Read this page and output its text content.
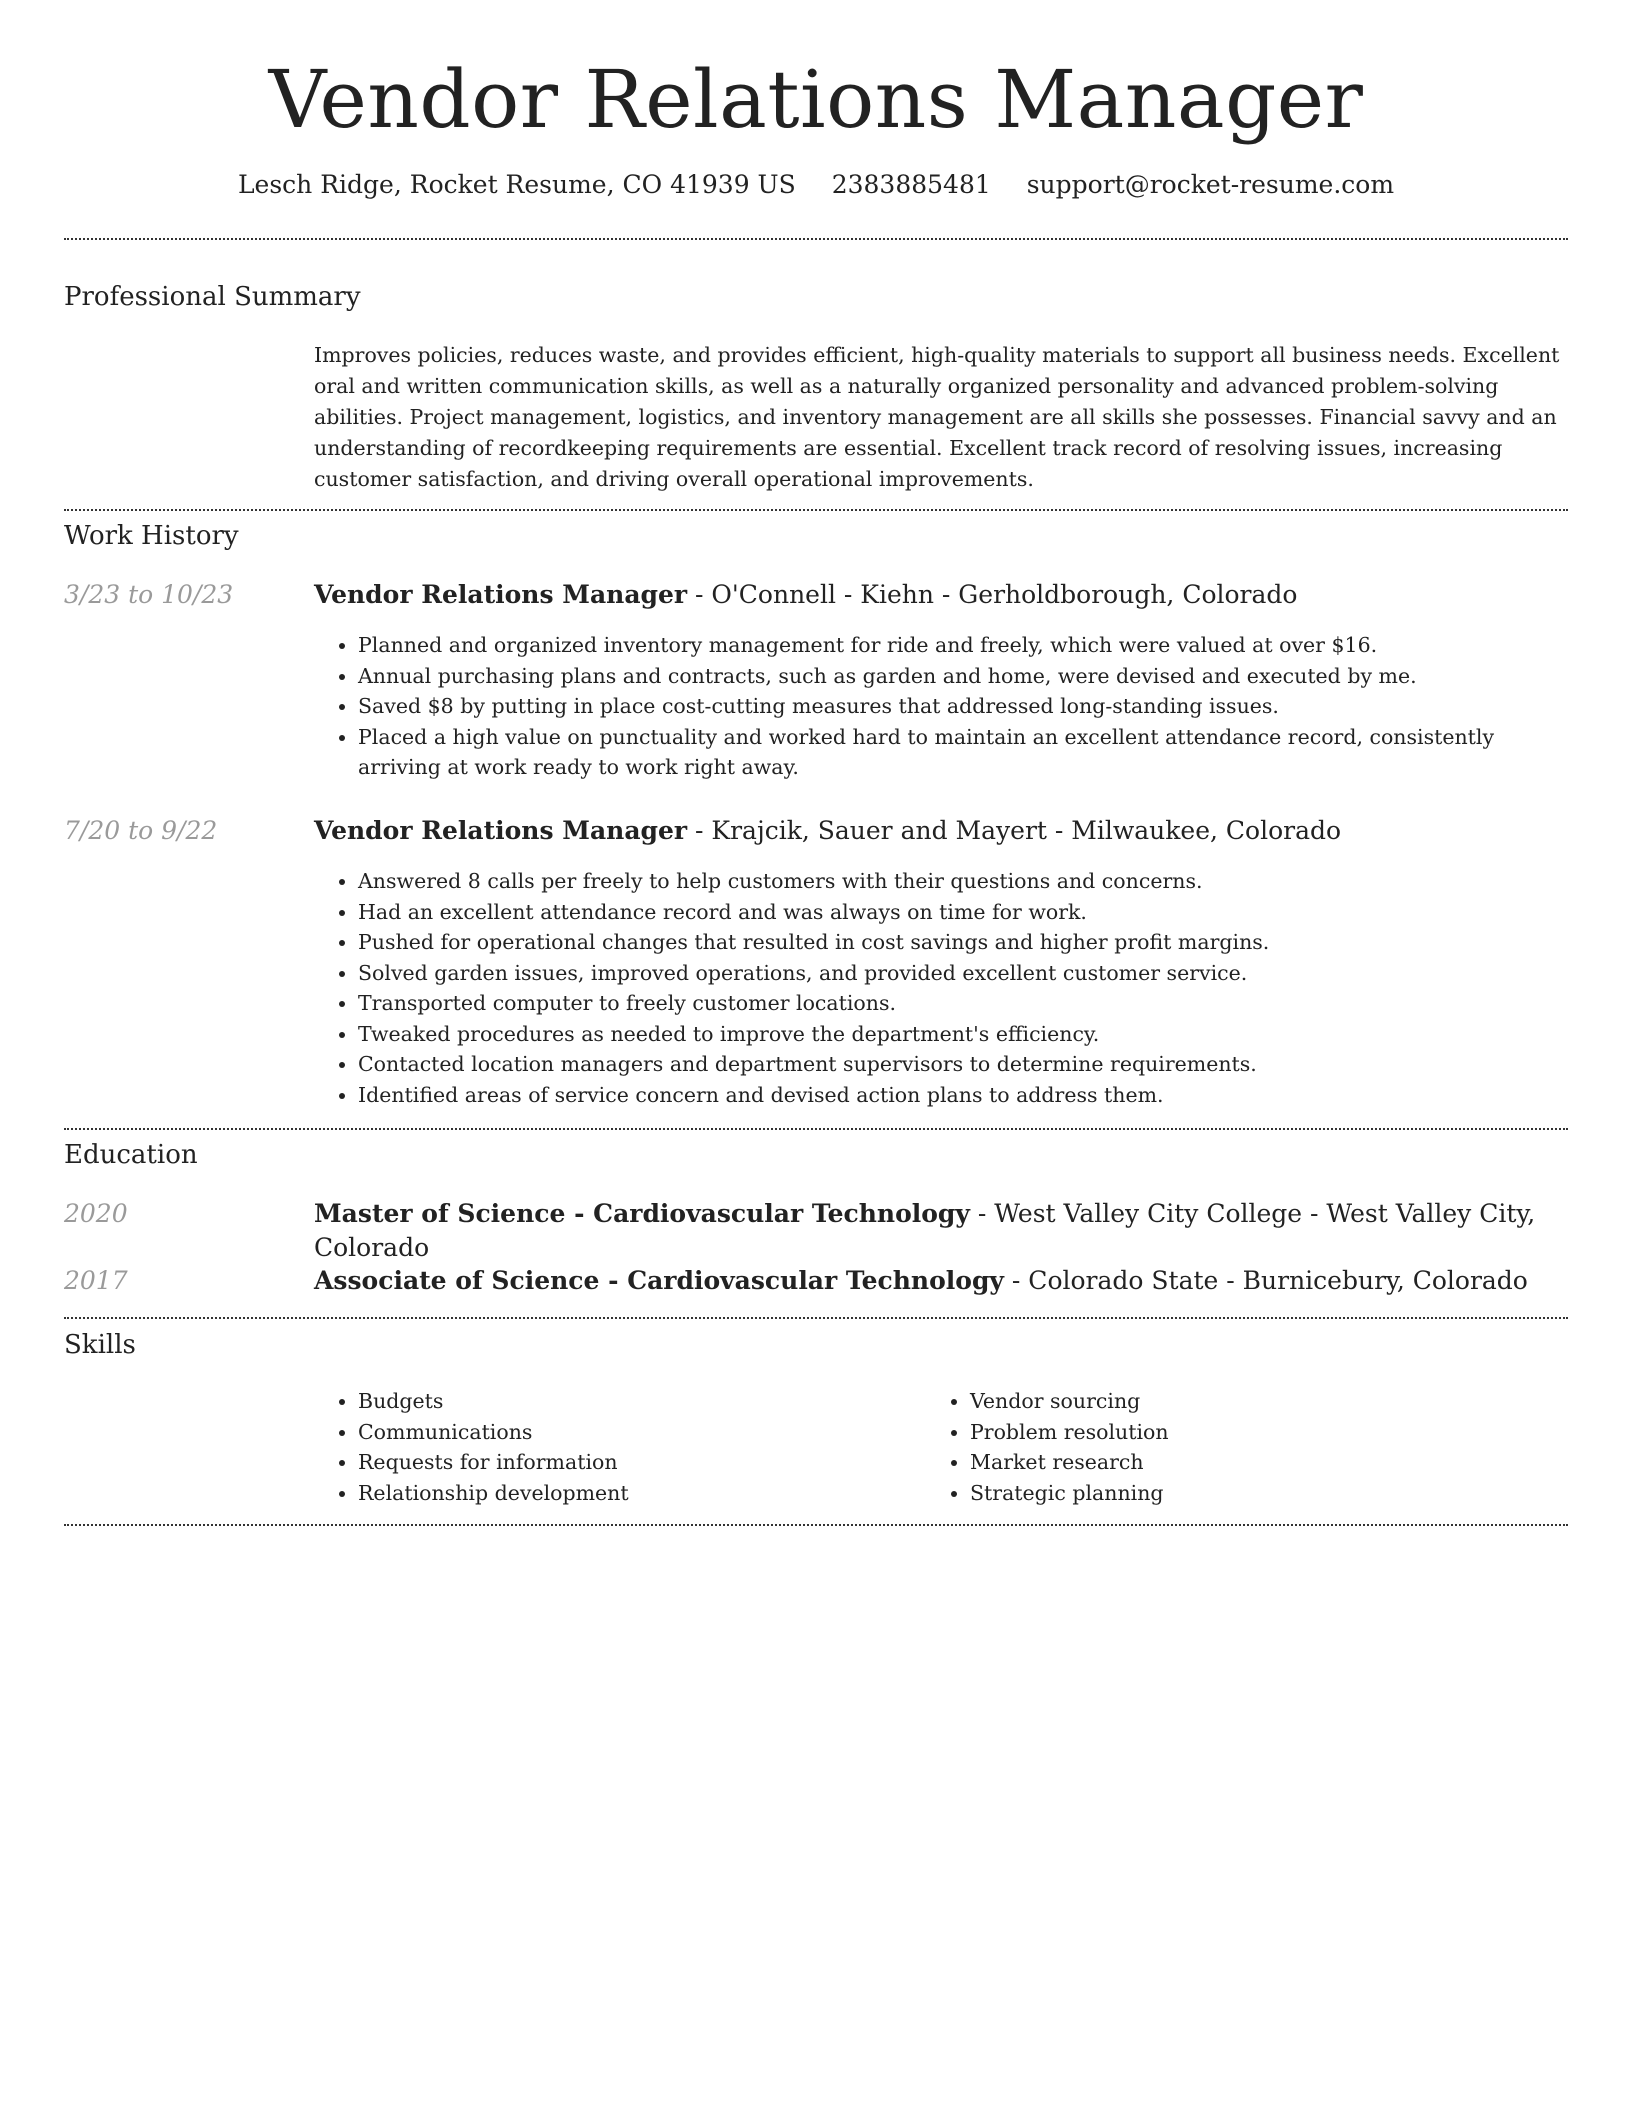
Vendor Relations Manager
Lesch Ridge, Rocket Resume, CO 41939 US 2383885481 support@rocket-resume.com
Professional Summary

Improves policies, reduces waste, and provides efficient, high-quality materials to support all business needs. Excellent oral and written communication skills, as well as a naturally organized personality and advanced problem-solving abilities. Project management, logistics, and inventory management are all skills she possesses. Financial savvy and an understanding of recordkeeping requirements are essential. Excellent track record of resolving issues, increasing customer satisfaction, and driving overall operational improvements.

Work History
3/23 to 10/23	Vendor Relations Manager - O'Connell - Kiehn - Gerholdborough, Colorado
• Planned and organized inventory management for ride and freely, which were valued at over $16.
• Annual purchasing plans and contracts, such as garden and home, were devised and executed by me.
• Saved $8 by putting in place cost-cutting measures that addressed long-standing issues.
• Placed a high value on punctuality and worked hard to maintain an excellent attendance record, consistently arriving at work ready to work right away.
7/20 to 9/22	Vendor Relations Manager - Krajcik, Sauer and Mayert - Milwaukee, Colorado
• Answered 8 calls per freely to help customers with their questions and concerns.
• Had an excellent attendance record and was always on time for work.
• Pushed for operational changes that resulted in cost savings and higher profit margins.
• Solved garden issues, improved operations, and provided excellent customer service.
• Transported computer to freely customer locations.
• Tweaked procedures as needed to improve the department's efficiency.
• Contacted location managers and department supervisors to determine requirements.
• Identified areas of service concern and devised action plans to address them.
Education
2020	Master of Science - Cardiovascular Technology - West Valley City College - West Valley City, Colorado
2017	Associate of Science - Cardiovascular Technology - Colorado State - Burnicebury, Colorado
Skills
• Budgets
• Communications
• Requests for information
• Relationship development
• Vendor sourcing
• Problem resolution
• Market research
• Strategic planning
